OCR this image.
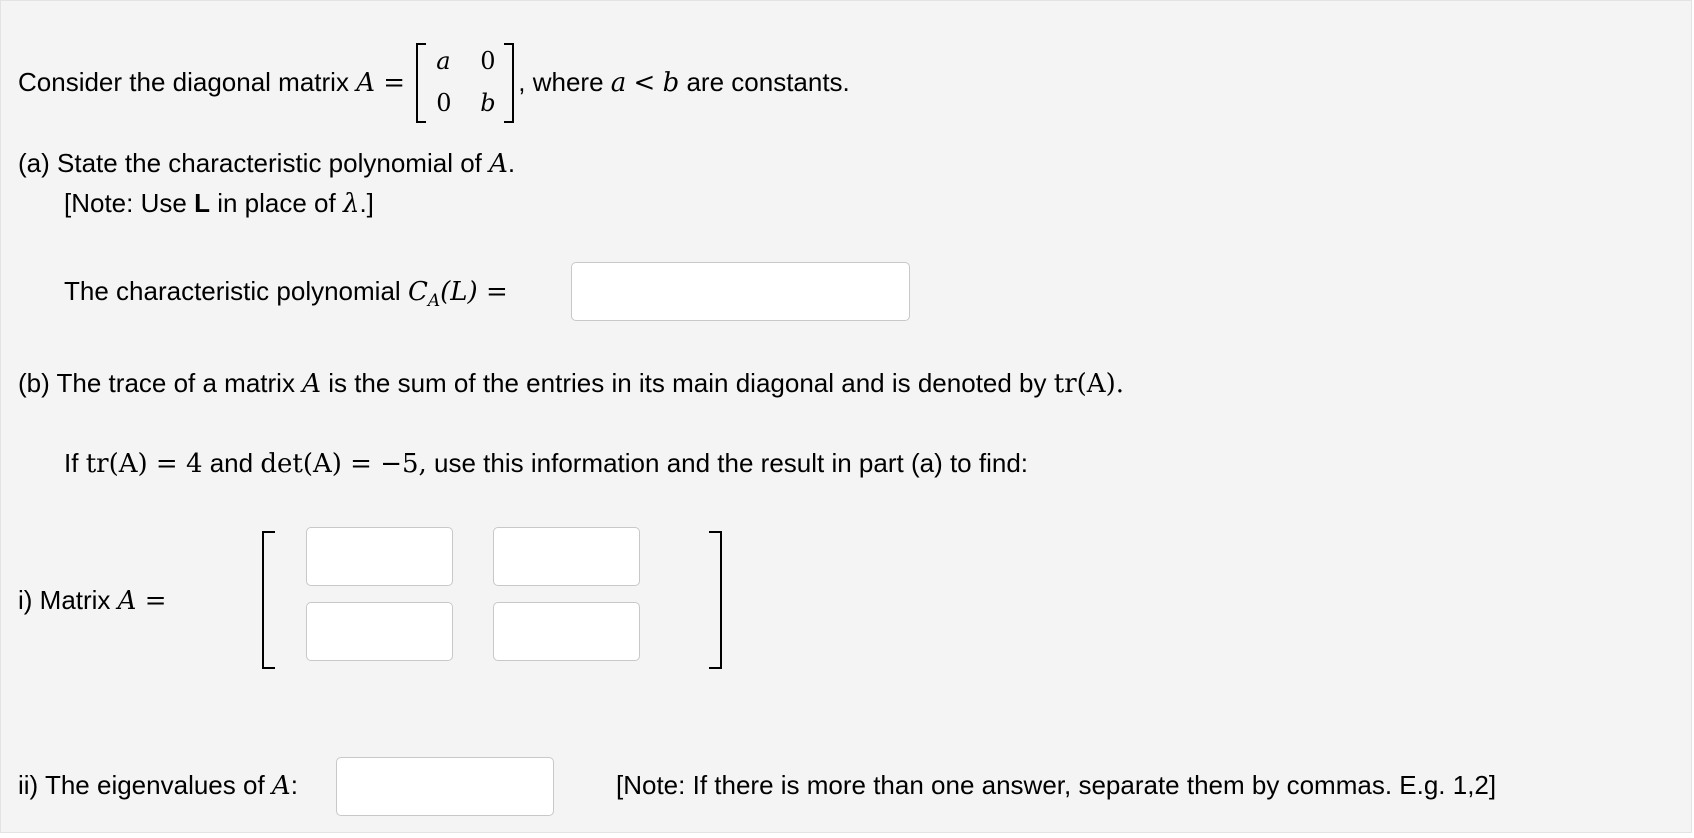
Consider the diagonal matrix A =
a 0
0 b
, where a < b are constants.
(a) State the characteristic polynomial of A.
[Note: Use L in place of λ.]
The characteristic polynomial $C_A(L)$ =
(b) The trace of a matrix A is the sum of the entries in its main diagonal and is denoted by tr(A).
If tr(A) = 4 and det(A) = −5, use this information and the result in part (a) to find:
i) Matrix A =
ii) The eigenvalues of A:	[Note: If there is more than one answer, separate them by commas. E.g. 1,2]
